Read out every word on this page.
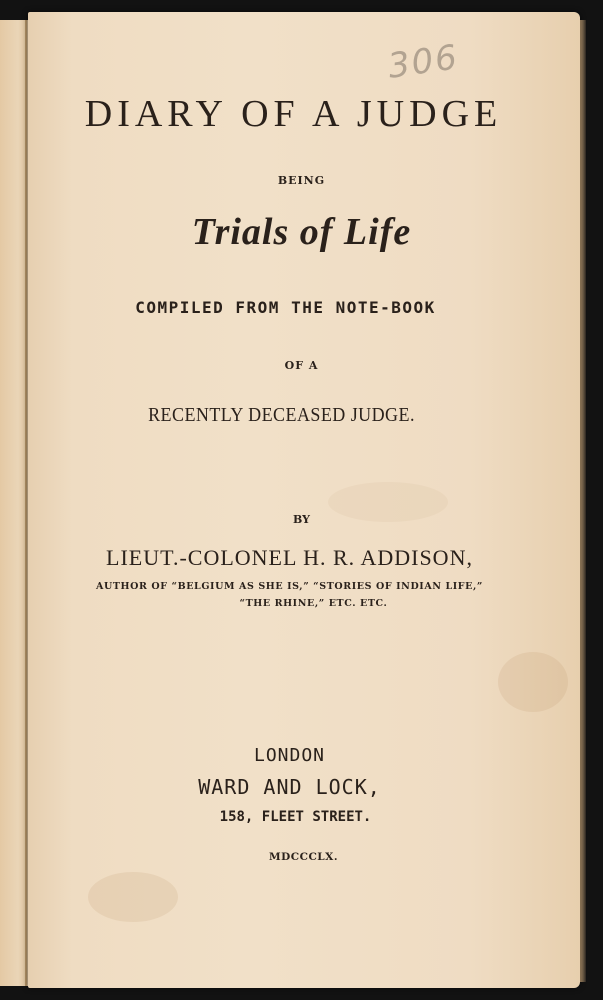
306
DIARY OF A JUDGE
BEING
Trials of Life
COMPILED FROM THE NOTE-BOOK
OF A
RECENTLY DECEASED JUDGE.
BY
LIEUT.-COLONEL H. R. ADDISON,
AUTHOR OF “BELGIUM AS SHE IS,” “STORIES OF INDIAN LIFE,”
“THE RHINE,” ETC. ETC.
LONDON
WARD AND LOCK,
158, FLEET STREET.
MDCCCLX.
